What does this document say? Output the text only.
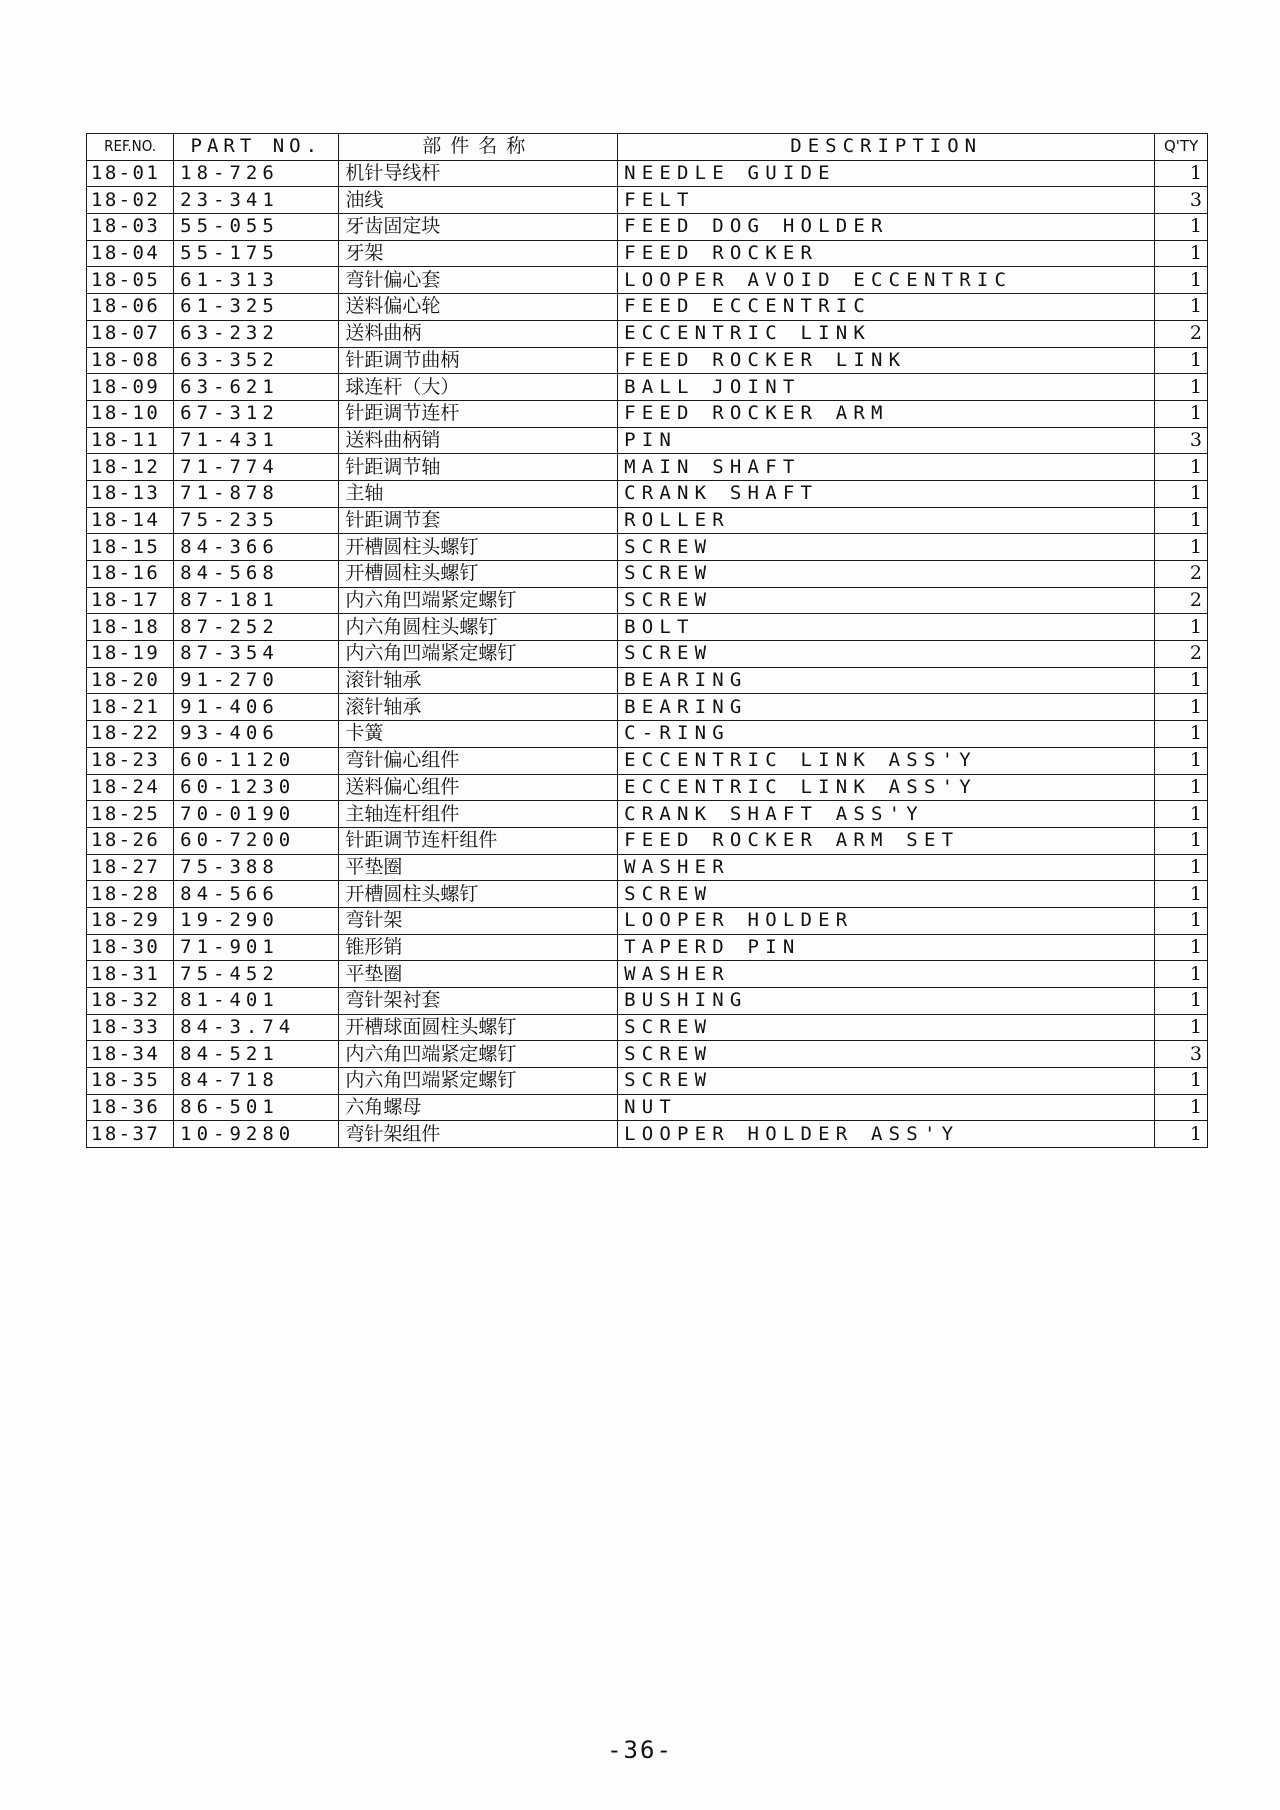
REF.NO.	PART NO.	部件名称	DESCRIPTION	Q'TY
18-01	18-726	机针导线杆	NEEDLE GUIDE	1
18-02	23-341	油线	FELT	3
18-03	55-055	牙齿固定块	FEED DOG HOLDER	1
18-04	55-175	牙架	FEED ROCKER	1
18-05	61-313	弯针偏心套	LOOPER AVOID ECCENTRIC	1
18-06	61-325	送料偏心轮	FEED ECCENTRIC	1
18-07	63-232	送料曲柄	ECCENTRIC LINK	2
18-08	63-352	针距调节曲柄	FEED ROCKER LINK	1
18-09	63-621	球连杆（大）	BALL JOINT	1
18-10	67-312	针距调节连杆	FEED ROCKER ARM	1
18-11	71-431	送料曲柄销	PIN	3
18-12	71-774	针距调节轴	MAIN SHAFT	1
18-13	71-878	主轴	CRANK SHAFT	1
18-14	75-235	针距调节套	ROLLER	1
18-15	84-366	开槽圆柱头螺钉	SCREW	1
18-16	84-568	开槽圆柱头螺钉	SCREW	2
18-17	87-181	内六角凹端紧定螺钉	SCREW	2
18-18	87-252	内六角圆柱头螺钉	BOLT	1
18-19	87-354	内六角凹端紧定螺钉	SCREW	2
18-20	91-270	滚针轴承	BEARING	1
18-21	91-406	滚针轴承	BEARING	1
18-22	93-406	卡簧	C-RING	1
18-23	60-1120	弯针偏心组件	ECCENTRIC LINK ASS'Y	1
18-24	60-1230	送料偏心组件	ECCENTRIC LINK ASS'Y	1
18-25	70-0190	主轴连杆组件	CRANK SHAFT ASS'Y	1
18-26	60-7200	针距调节连杆组件	FEED ROCKER ARM SET	1
18-27	75-388	平垫圈	WASHER	1
18-28	84-566	开槽圆柱头螺钉	SCREW	1
18-29	19-290	弯针架	LOOPER HOLDER	1
18-30	71-901	锥形销	TAPERD PIN	1
18-31	75-452	平垫圈	WASHER	1
18-32	81-401	弯针架衬套	BUSHING	1
18-33	84-3.74	开槽球面圆柱头螺钉	SCREW	1
18-34	84-521	内六角凹端紧定螺钉	SCREW	3
18-35	84-718	内六角凹端紧定螺钉	SCREW	1
18-36	86-501	六角螺母	NUT	1
18-37	10-9280	弯针架组件	LOOPER HOLDER ASS'Y	1
-36-
